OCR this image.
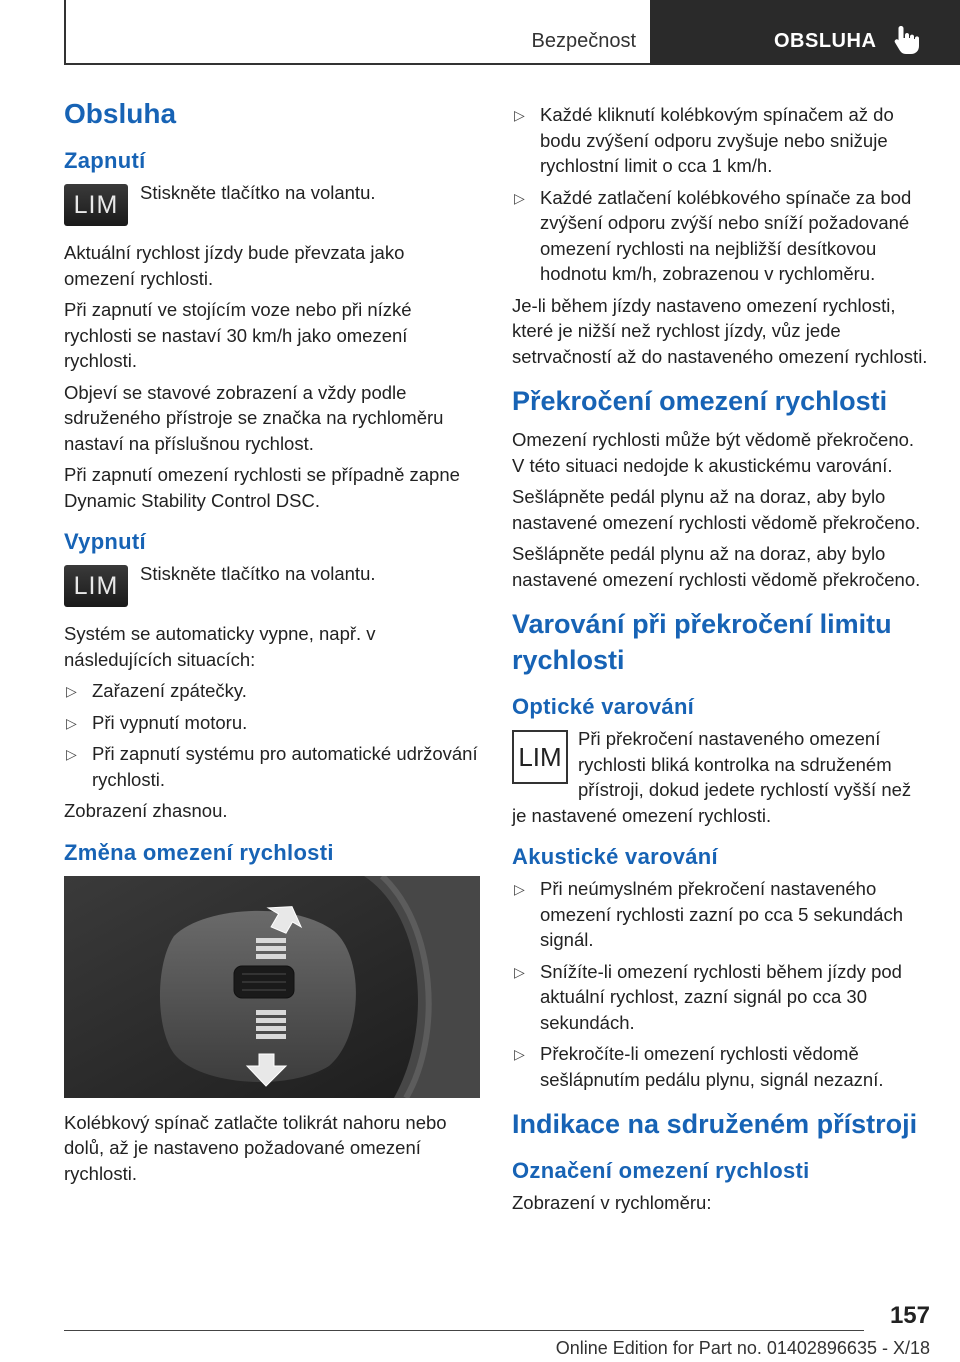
Bezpečnost	OBSLUHA
Obsluha
Zapnutí
LIM	Stiskněte tlačítko na volantu.

Aktuální rychlost jízdy bude převzata jako omezení rychlosti.

Při zapnutí ve stojícím voze nebo při nízké rychlosti se nastaví 30 km/h jako omezení rychlosti.

Objeví se stavové zobrazení a vždy podle sdruženého přístroje se značka na rychloměru nastaví na příslušnou rychlost.

Při zapnutí omezení rychlosti se případně zapne Dynamic Stability Control DSC.

Vypnutí
LIM	Stiskněte tlačítko na volantu.

Systém se automaticky vypne, např. v následujících situacích:

▷ Zařazení zpátečky.
▷ Při vypnutí motoru.
▷ Při zapnutí systému pro automatické udržování rychlosti.

Zobrazení zhasnou.

Změna omezení rychlosti

Kolébkový spínač zatlačte tolikrát nahoru nebo dolů, až je nastaveno požadované omezení rychlosti.

▷ Každé kliknutí kolébkovým spínačem až do bodu zvýšení odporu zvyšuje nebo snižuje rychlostní limit o cca 1 km/h.
▷ Každé zatlačení kolébkového spínače za bod zvýšení odporu zvýší nebo sníží požadované omezení rychlosti na nejbližší desítkovou hodnotu km/h, zobrazenou v rychloměru.

Je-li během jízdy nastaveno omezení rychlosti, které je nižší než rychlost jízdy, vůz jede setrvačností až do nastaveného omezení rychlosti.

Překročení omezení rychlosti

Omezení rychlosti může být vědomě překročeno. V této situaci nedojde k akustickému varování.

Sešlápněte pedál plynu až na doraz, aby bylo nastavené omezení rychlosti vědomě překročeno.

Sešlápněte pedál plynu až na doraz, aby bylo nastavené omezení rychlosti vědomě překročeno.

Varování při překročení limitu rychlosti
Optické varování
LIM

Při překročení nastaveného omezení rychlosti bliká kontrolka na sdruženém přístroji, dokud jedete rychlostí vyšší než je nastavené omezení rychlosti.

Akustické varování
▷ Při neúmyslném překročení nastaveného omezení rychlosti zazní po cca 5 sekundách signál.
▷ Snížíte-li omezení rychlosti během jízdy pod aktuální rychlost, zazní signál po cca 30 sekundách.
▷ Překročíte-li omezení rychlosti vědomě sešlápnutím pedálu plynu, signál nezazní.
Indikace na sdruženém přístroji
Označení omezení rychlosti

Zobrazení v rychloměru:

157
Online Edition for Part no. 01402896635 - X/18
